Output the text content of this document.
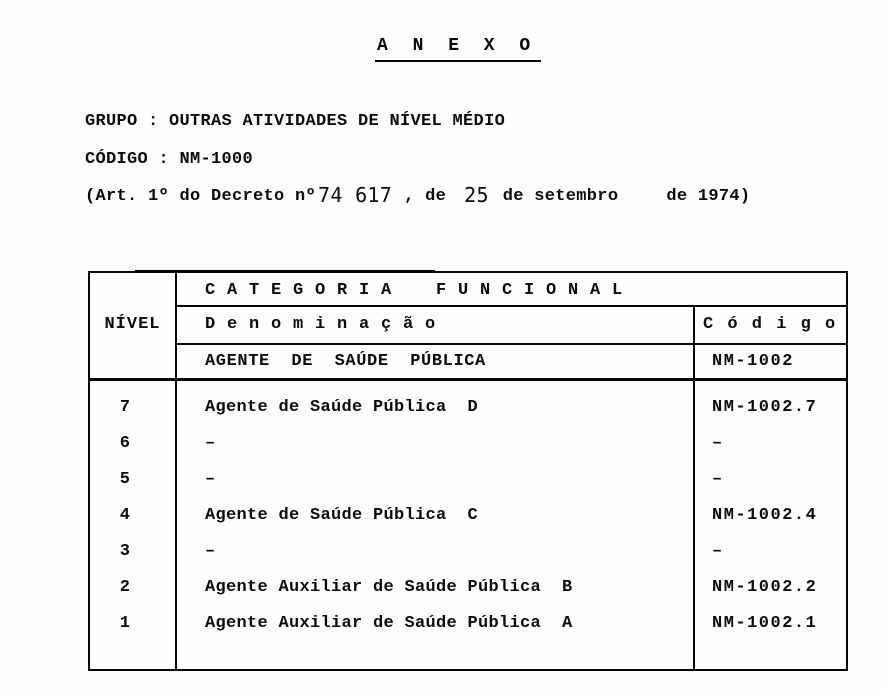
A N E X O
GRUPO : OUTRAS ATIVIDADES DE NÍVEL MÉDIO
CÓDIGO : NM-1000
(Art. 1º do Decreto nº 74 617 , de 25 de setembro	de 1974)
NÍVEL
C A T E G O R I A    F U N C I O N A L
D e n o m i n a ç ã o	C ó d i g o
AGENTE  DE  SAÚDE  PÚBLICA	NM-1002
7	Agente de Saúde Pública  D	NM-1002.7
6	–	–
5	–	–
4	Agente de Saúde Pública  C	NM-1002.4
3	–	–
2	Agente Auxiliar de Saúde Pública  B	NM-1002.2
1	Agente Auxiliar de Saúde Pública  A	NM-1002.1
